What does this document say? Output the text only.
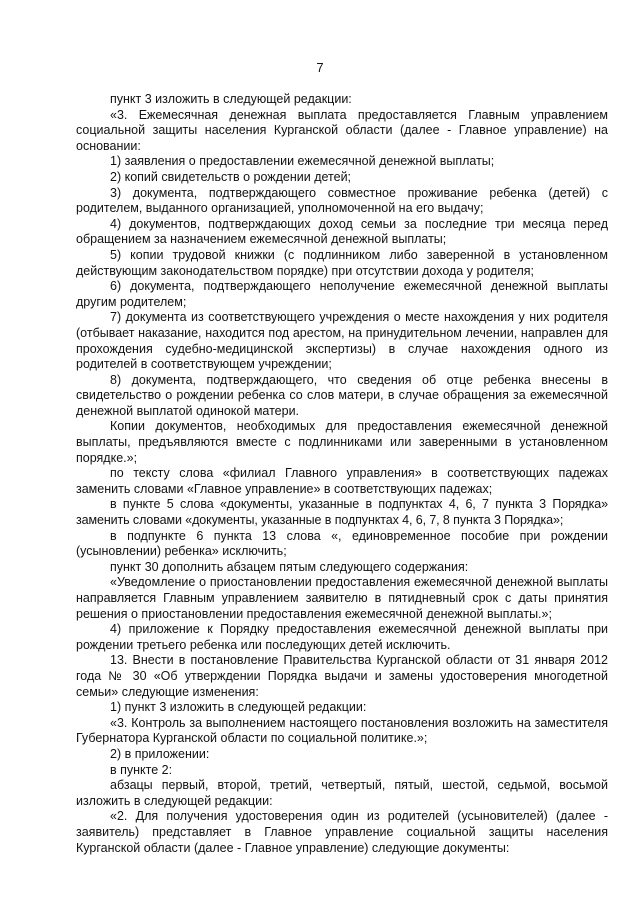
7

пункт 3 изложить в следующей редакции:

«3. Ежемесячная денежная выплата предоставляется Главным управлением социальной защиты населения Курганской области (далее - Главное управление) на основании:

1) заявления о предоставлении ежемесячной денежной выплаты;

2) копий свидетельств о рождении детей;

3) документа, подтверждающего совместное проживание ребенка (детей) с родителем, выданного организацией, уполномоченной на его выдачу;

4) документов, подтверждающих доход семьи за последние три месяца перед обращением за назначением ежемесячной денежной выплаты;

5) копии трудовой книжки (с подлинником либо заверенной в установленном действующим законодательством порядке) при отсутствии дохода у родителя;

6) документа, подтверждающего неполучение ежемесячной денежной выплаты другим родителем;

7) документа из соответствующего учреждения о месте нахождения у них родителя (отбывает наказание, находится под арестом, на принудительном лечении, направлен для прохождения судебно-медицинской экспертизы) в случае нахождения одного из родителей в соответствующем учреждении;

8) документа, подтверждающего, что сведения об отце ребенка внесены в свидетельство о рождении ребенка со слов матери, в случае обращения за ежемесячной денежной выплатой одинокой матери.

Копии документов, необходимых для предоставления ежемесячной денежной выплаты, предъявляются вместе с подлинниками или заверенными в установленном порядке.»;

по тексту слова «филиал Главного управления» в соответствующих падежах заменить словами «Главное управление» в соответствующих падежах;

в пункте 5 слова «документы, указанные в подпунктах 4, 6, 7 пункта 3 Порядка» заменить словами «документы, указанные в подпунктах 4, 6, 7, 8 пункта 3 Порядка»;

в подпункте 6 пункта 13 слова «, единовременное пособие при рождении (усыновлении) ребенка» исключить;

пункт 30 дополнить абзацем пятым следующего содержания:

«Уведомление о приостановлении предоставления ежемесячной денежной выплаты направляется Главным управлением заявителю в пятидневный срок с даты принятия решения о приостановлении предоставления ежемесячной денежной выплаты.»;

4) приложение к Порядку предоставления ежемесячной денежной выплаты при рождении третьего ребенка или последующих детей исключить.

13. Внести в постановление Правительства Курганской области от 31 января 2012 года № 30 «Об утверждении Порядка выдачи и замены удостоверения многодетной семьи» следующие изменения:

1) пункт 3 изложить в следующей редакции:

«3. Контроль за выполнением настоящего постановления возложить на заместителя Губернатора Курганской области по социальной политике.»;

2) в приложении:

в пункте 2:

абзацы первый, второй, третий, четвертый, пятый, шестой, седьмой, восьмой изложить в следующей редакции:

«2. Для получения удостоверения один из родителей (усыновителей) (далее - заявитель) представляет в Главное управление социальной защиты населения Курганской области (далее - Главное управление) следующие документы:
